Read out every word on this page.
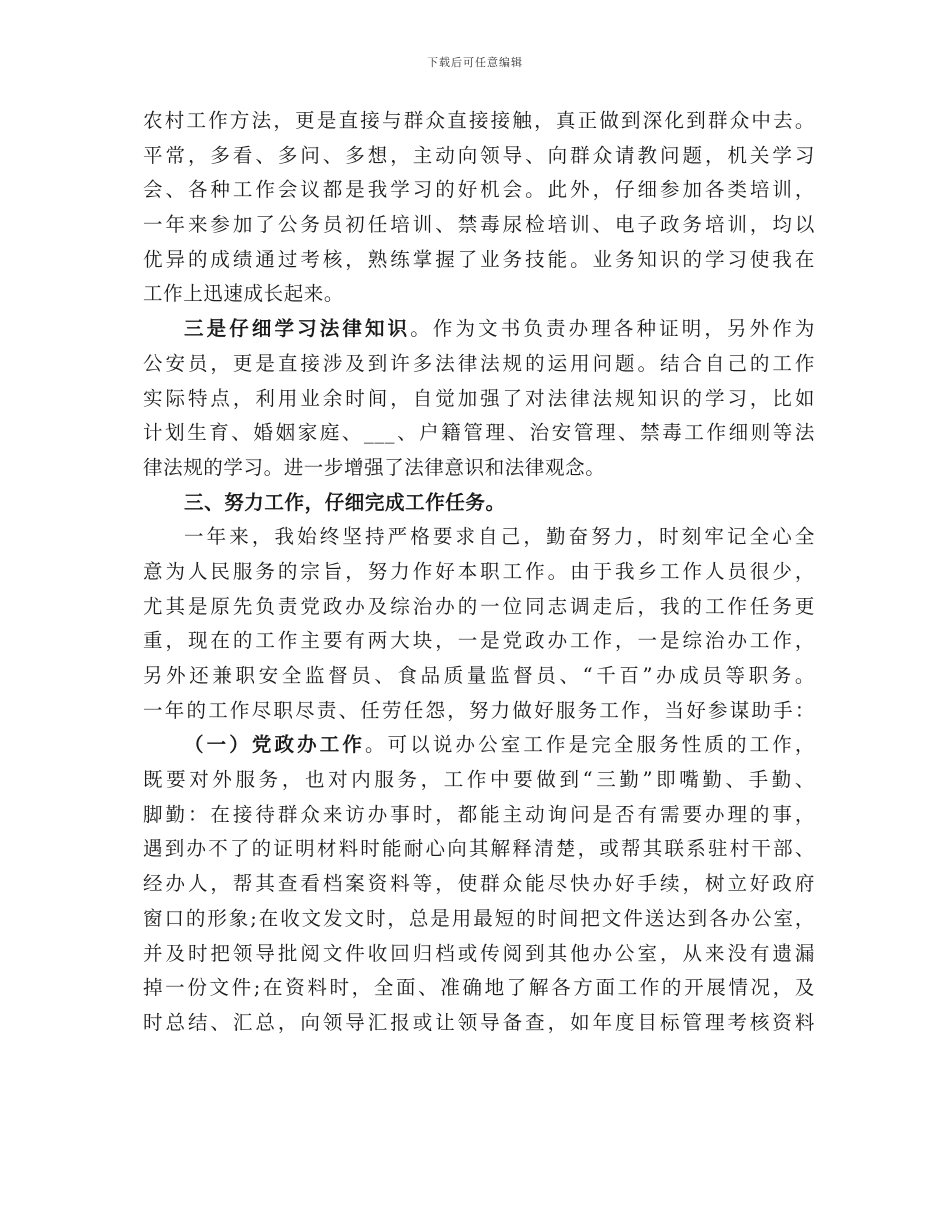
下载后可任意编辑
农村工作方法，更是直接与群众直接接触，真正做到深化到群众中去。
平常，多看、多问、多想，主动向领导、向群众请教问题，机关学习
会、各种工作会议都是我学习的好机会。此外，仔细参加各类培训，
一年来参加了公务员初任培训、禁毒尿检培训、电子政务培训，均以
优异的成绩通过考核，熟练掌握了业务技能。业务知识的学习使我在
工作上迅速成长起来。
三是仔细学习法律知识。作为文书负责办理各种证明，另外作为
公安员，更是直接涉及到许多法律法规的运用问题。结合自己的工作
实际特点，利用业余时间，自觉加强了对法律法规知识的学习，比如
计划生育、婚姻家庭、___、户籍管理、治安管理、禁毒工作细则等法
律法规的学习。进一步增强了法律意识和法律观念。
三、努力工作，仔细完成工作任务。
一年来，我始终坚持严格要求自己，勤奋努力，时刻牢记全心全
意为人民服务的宗旨，努力作好本职工作。由于我乡工作人员很少，
尤其是原先负责党政办及综治办的一位同志调走后，我的工作任务更
重，现在的工作主要有两大块，一是党政办工作，一是综治办工作，
另外还兼职安全监督员、食品质量监督员、“千百”办成员等职务。
一年的工作尽职尽责、任劳任怨，努力做好服务工作，当好参谋助手：
（一）党政办工作。可以说办公室工作是完全服务性质的工作，
既要对外服务，也对内服务，工作中要做到“三勤”即嘴勤、手勤、
脚勤：在接待群众来访办事时，都能主动询问是否有需要办理的事，
遇到办不了的证明材料时能耐心向其解释清楚，或帮其联系驻村干部、
经办人，帮其查看档案资料等，使群众能尽快办好手续，树立好政府
窗口的形象;在收文发文时，总是用最短的时间把文件送达到各办公室，
并及时把领导批阅文件收回归档或传阅到其他办公室，从来没有遗漏
掉一份文件;在资料时，全面、准确地了解各方面工作的开展情况，及
时总结、汇总，向领导汇报或让领导备查，如年度目标管理考核资料
